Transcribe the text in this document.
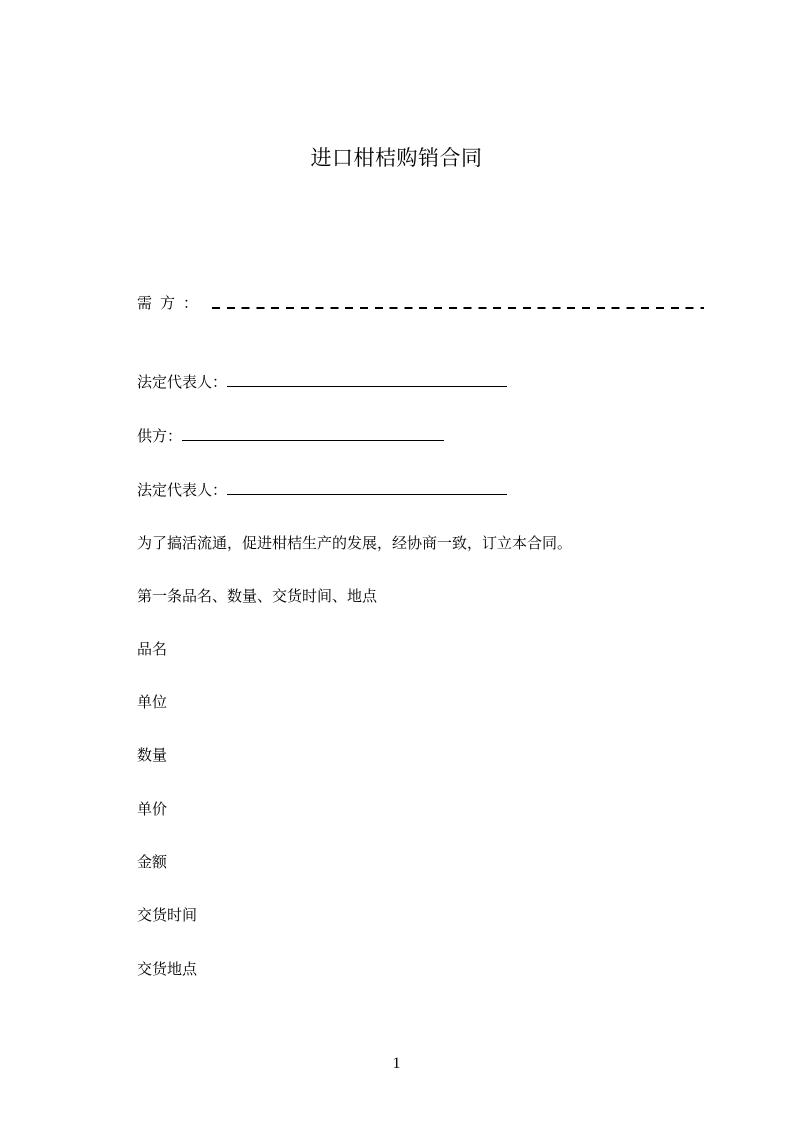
进口柑桔购销合同
需方：
法定代表人：
供方：
法定代表人：
为了搞活流通，促进柑桔生产的发展，经协商一致，订立本合同。
第一条品名、数量、交货时间、地点
品名
单位
数量
单价
金额
交货时间
交货地点
1
